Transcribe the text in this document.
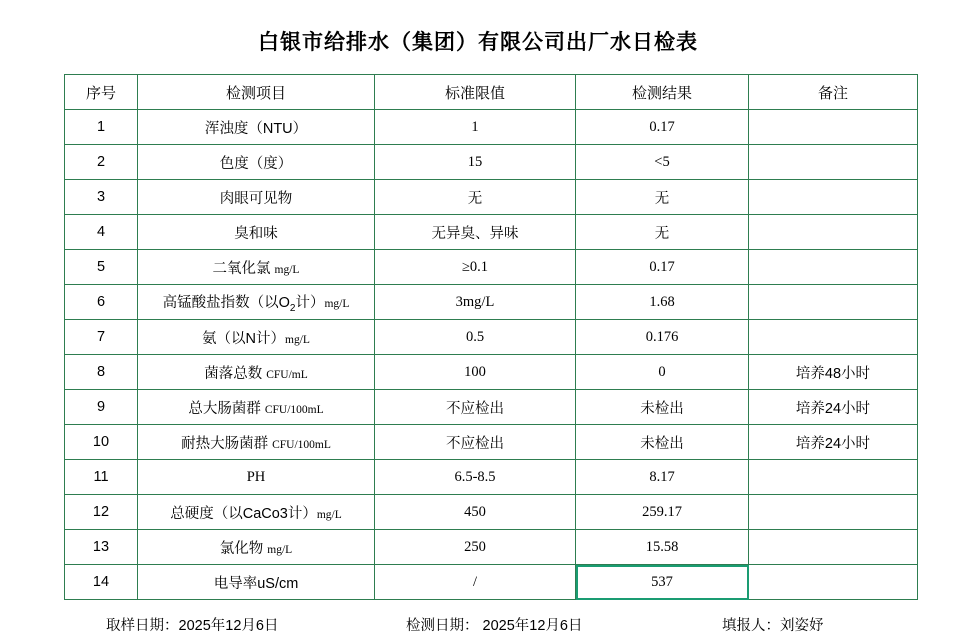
白银市给排水（集团）有限公司出厂水日检表
序号	检测项目	标准限值	检测结果	备注
1	浑浊度（NTU）	1	0.17	
2	色度（度）	15	<5	
3	肉眼可见物	无	无	
4	臭和味	无异臭、异味	无	
5	二氧化氯 mg/L	≥0.1	0.17	
6	高锰酸盐指数（以$O_2$计）mg/L	3mg/L	1.68	
7	氨（以N计）mg/L	0.5	0.176	
8	菌落总数 CFU/mL	100	0	培养48小时
9	总大肠菌群 CFU/100mL	不应检出	未检出	培养24小时
10	耐热大肠菌群 CFU/100mL	不应检出	未检出	培养24小时
11	PH	6.5-8.5	8.17	
12	总硬度（以CaCo3计）mg/L	450	259.17	
13	氯化物 mg/L	250	15.58	
14	电导率uS/cm	/	537	
取样日期：2025年12月6日	检测日期： 2025年12月6日	填报人：刘姿妤
